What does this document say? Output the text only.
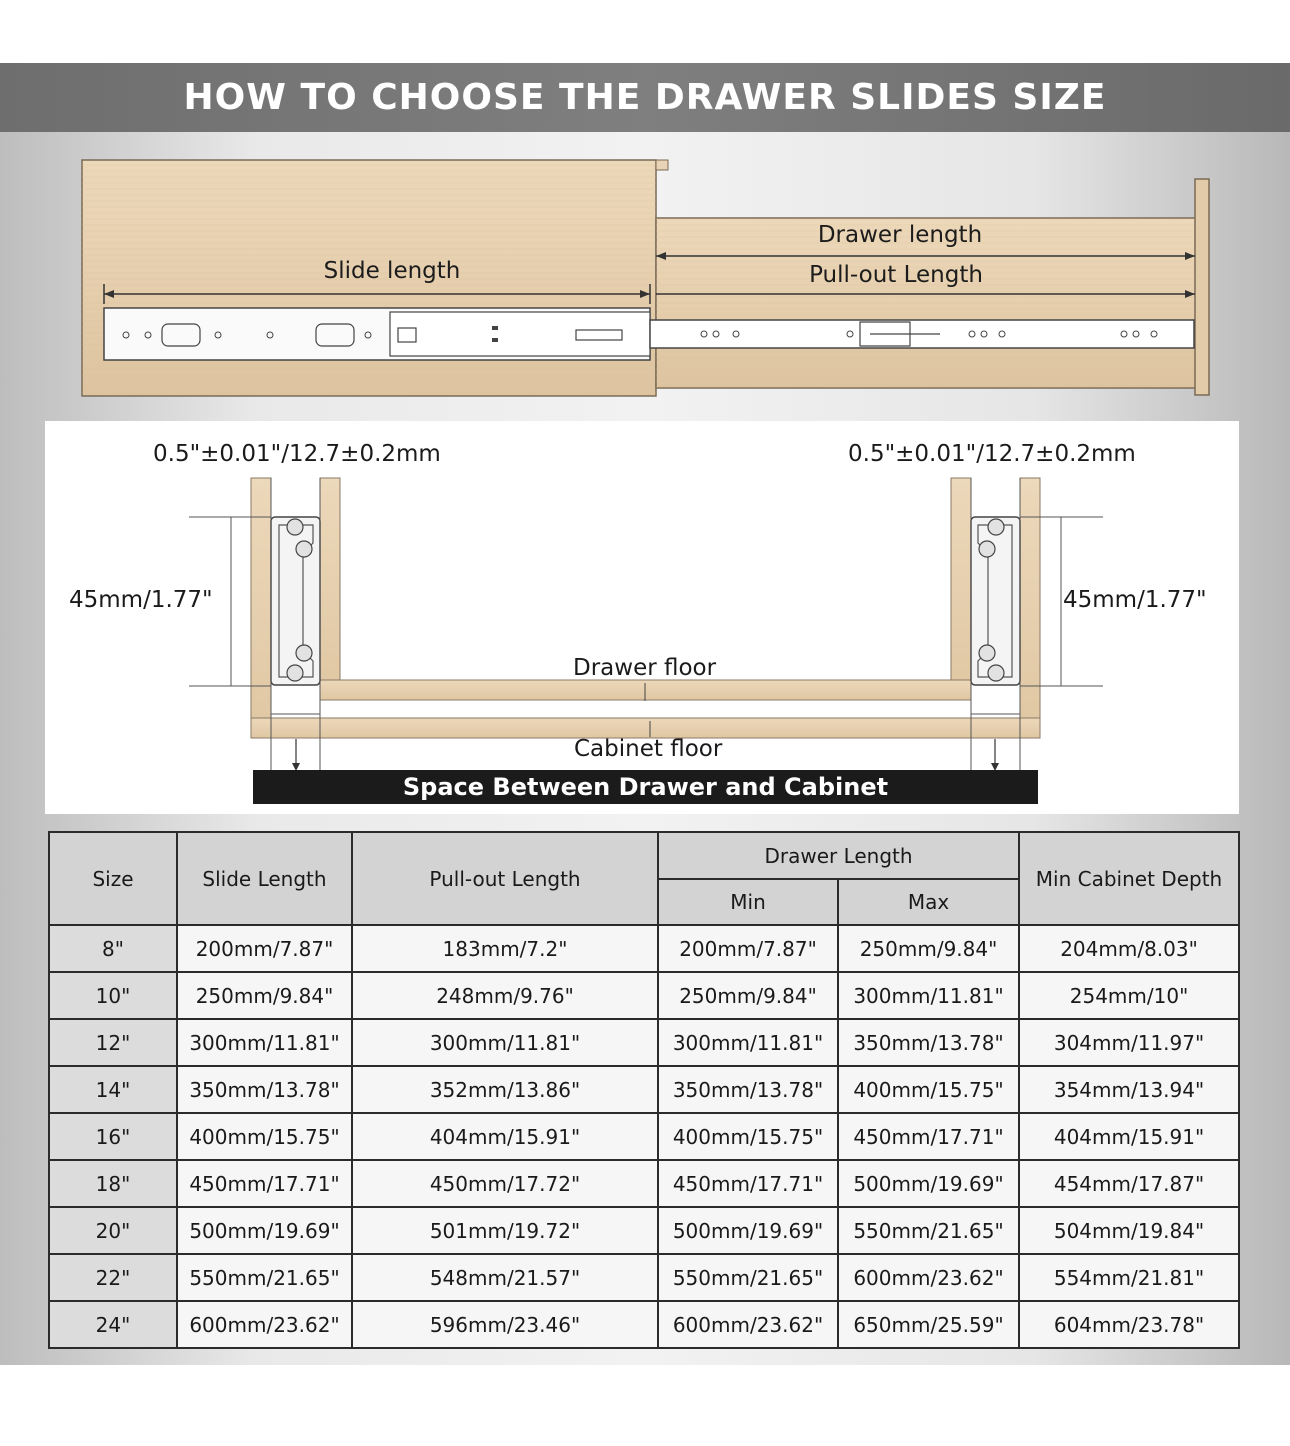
HOW TO CHOOSE THE DRAWER SLIDES SIZE
Slide length
Drawer length
Pull-out Length
0.5"±0.01"/12.7±0.2mm	0.5"±0.01"/12.7±0.2mm
45mm/1.77"	45mm/1.77"
Drawer floor
Cabinet floor
Space Between Drawer and Cabinet
Size	Slide Length	Pull-out Length	Drawer Length		Min Cabinet Depth
			Min	Max	
8"	200mm/7.87"	183mm/7.2"	200mm/7.87"	250mm/9.84"	204mm/8.03"
10"	250mm/9.84"	248mm/9.76"	250mm/9.84"	300mm/11.81"	254mm/10"
12"	300mm/11.81"	300mm/11.81"	300mm/11.81"	350mm/13.78"	304mm/11.97"
14"	350mm/13.78"	352mm/13.86"	350mm/13.78"	400mm/15.75"	354mm/13.94"
16"	400mm/15.75"	404mm/15.91"	400mm/15.75"	450mm/17.71"	404mm/15.91"
18"	450mm/17.71"	450mm/17.72"	450mm/17.71"	500mm/19.69"	454mm/17.87"
20"	500mm/19.69"	501mm/19.72"	500mm/19.69"	550mm/21.65"	504mm/19.84"
22"	550mm/21.65"	548mm/21.57"	550mm/21.65"	600mm/23.62"	554mm/21.81"
24"	600mm/23.62"	596mm/23.46"	600mm/23.62"	650mm/25.59"	604mm/23.78"
